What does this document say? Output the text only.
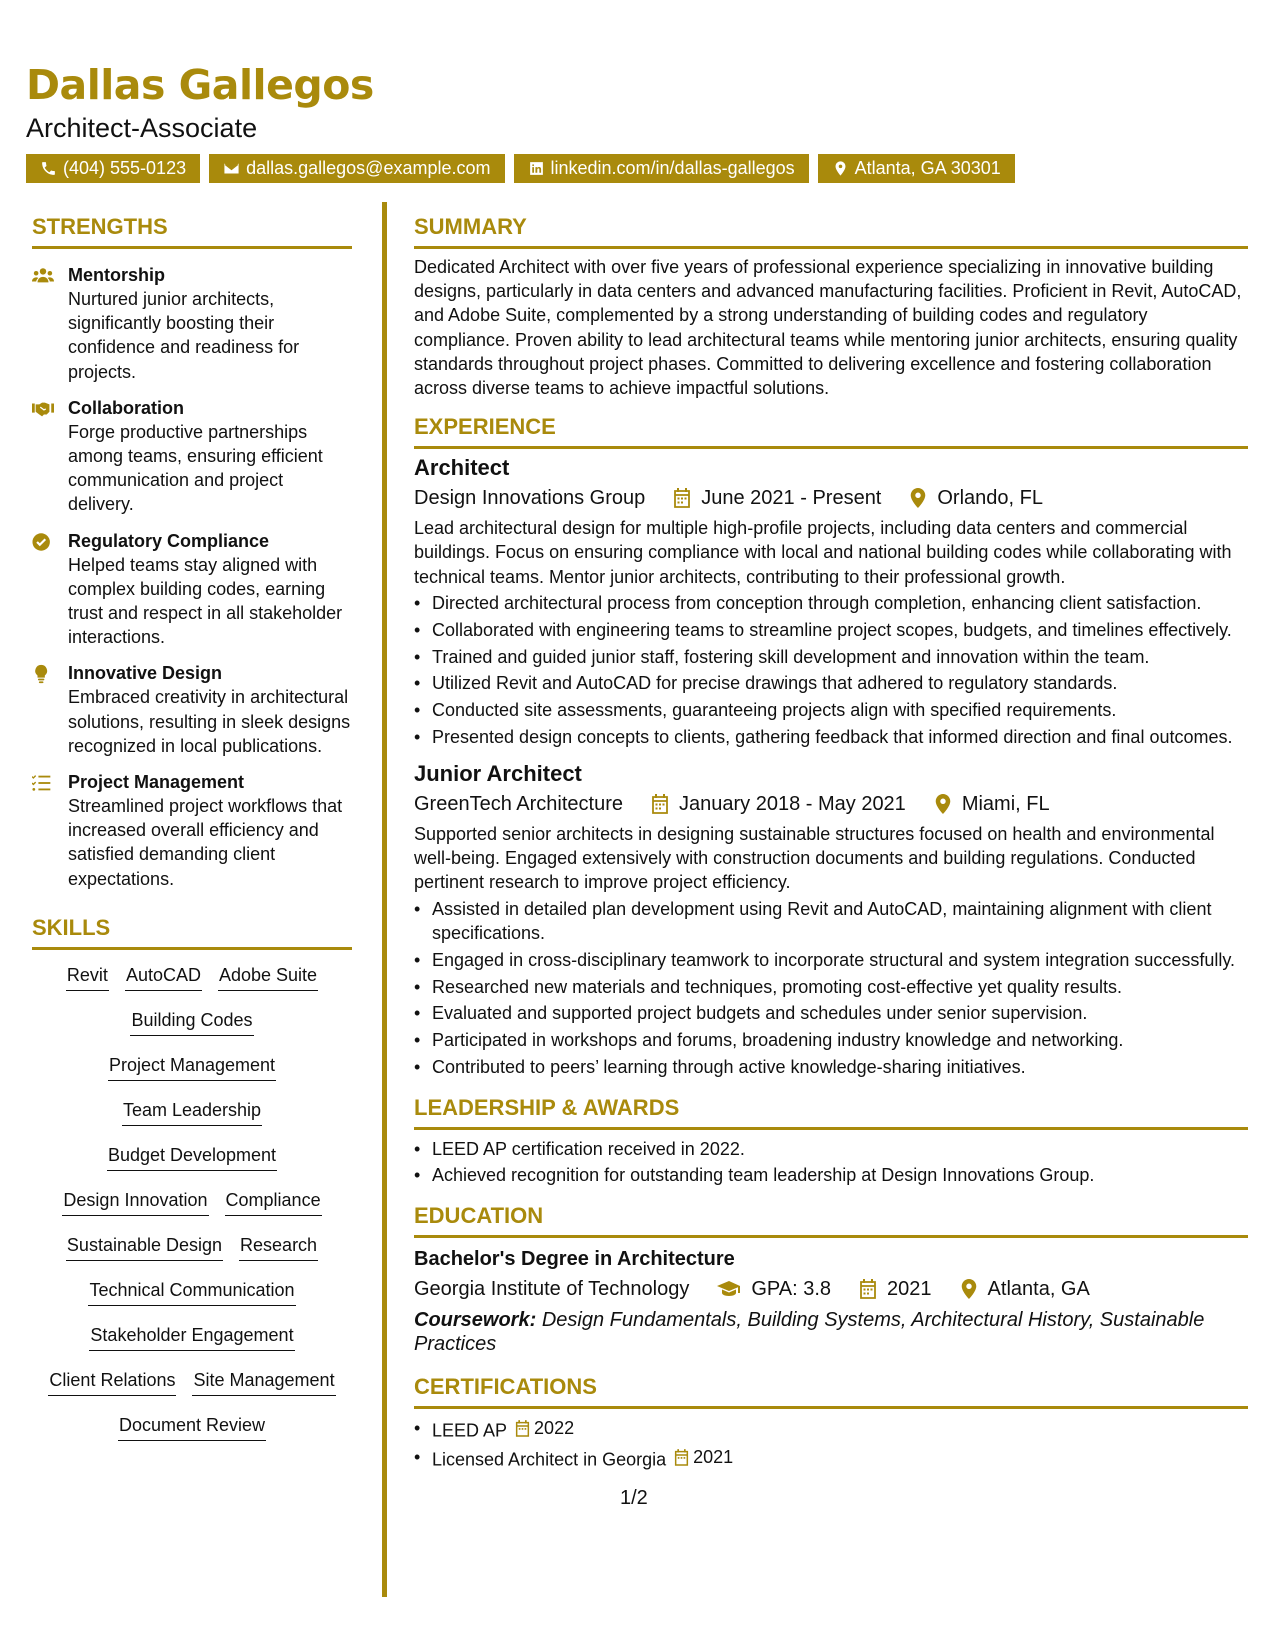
Dallas Gallegos
Architect-Associate
(404) 555-0123	dallas.gallegos@example.com	linkedin.com/in/dallas-gallegos	Atlanta, GA 30301
STRENGTHS
Mentorship
Nurtured junior architects, significantly boosting their confidence and readiness for projects.
Collaboration
Forge productive partnerships among teams, ensuring efficient communication and project delivery.
Regulatory Compliance
Helped teams stay aligned with complex building codes, earning trust and respect in all stakeholder interactions.
Innovative Design
Embraced creativity in architectural solutions, resulting in sleek designs recognized in local publications.
Project Management
Streamlined project workflows that increased overall efficiency and satisfied demanding client expectations.
SKILLS
Revit AutoCAD Adobe Suite
Building Codes
Project Management
Team Leadership
Budget Development
Design Innovation Compliance
Sustainable Design Research
Technical Communication
Stakeholder Engagement
Client Relations Site Management
Document Review
SUMMARY

Dedicated Architect with over five years of professional experience specializing in innovative building designs, particularly in data centers and advanced manufacturing facilities. Proficient in Revit, AutoCAD, and Adobe Suite, complemented by a strong understanding of building codes and regulatory compliance. Proven ability to lead architectural teams while mentoring junior architects, ensuring quality standards throughout project phases. Committed to delivering excellence and fostering collaboration across diverse teams to achieve impactful solutions.

EXPERIENCE
Architect
Design Innovations Group	June 2021 - Present	Orlando, FL

Lead architectural design for multiple high-profile projects, including data centers and commercial buildings. Focus on ensuring compliance with local and national building codes while collaborating with technical teams. Mentor junior architects, contributing to their professional growth.

• Directed architectural process from conception through completion, enhancing client satisfaction.
• Collaborated with engineering teams to streamline project scopes, budgets, and timelines effectively.
• Trained and guided junior staff, fostering skill development and innovation within the team.
• Utilized Revit and AutoCAD for precise drawings that adhered to regulatory standards.
• Conducted site assessments, guaranteeing projects align with specified requirements.
• Presented design concepts to clients, gathering feedback that informed direction and final outcomes.
Junior Architect
GreenTech Architecture	January 2018 - May 2021	Miami, FL

Supported senior architects in designing sustainable structures focused on health and environmental well-being. Engaged extensively with construction documents and building regulations. Conducted pertinent research to improve project efficiency.

• Assisted in detailed plan development using Revit and AutoCAD, maintaining alignment with client specifications.
• Engaged in cross-disciplinary teamwork to incorporate structural and system integration successfully.
• Researched new materials and techniques, promoting cost-effective yet quality results.
• Evaluated and supported project budgets and schedules under senior supervision.
• Participated in workshops and forums, broadening industry knowledge and networking.
• Contributed to peers’ learning through active knowledge-sharing initiatives.
LEADERSHIP & AWARDS
• LEED AP certification received in 2022.
• Achieved recognition for outstanding team leadership at Design Innovations Group.
EDUCATION
Bachelor's Degree in Architecture
Georgia Institute of Technology	GPA: 3.8	2021	Atlanta, GA
Coursework: Design Fundamentals, Building Systems, Architectural History, Sustainable Practices
CERTIFICATIONS
• LEED AP 2022
• Licensed Architect in Georgia 2021
1/2
